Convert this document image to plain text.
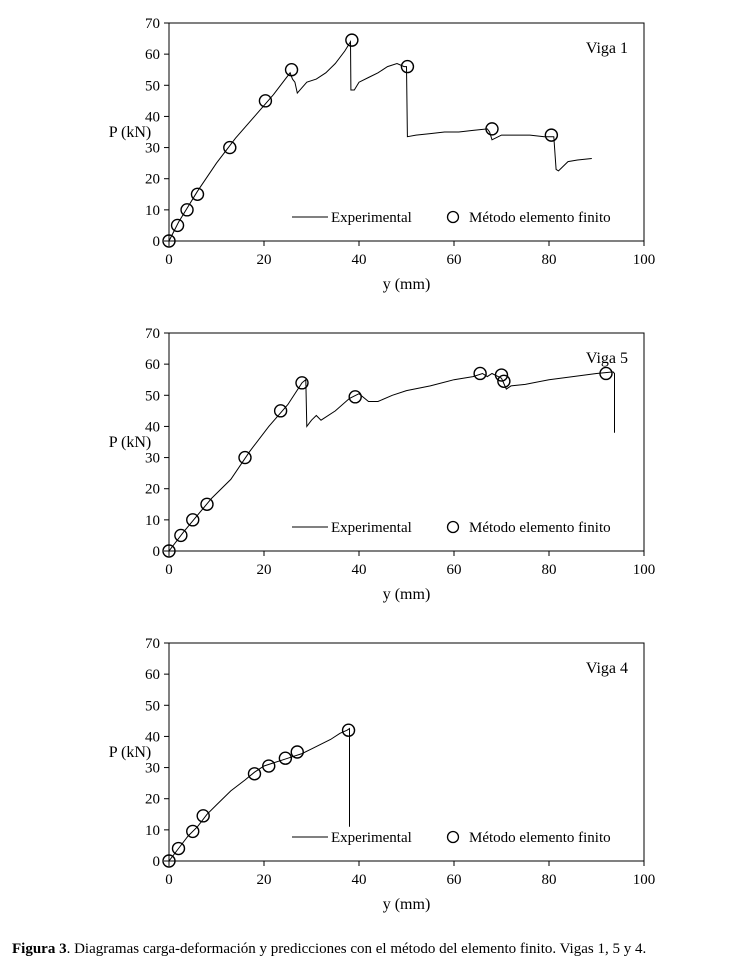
0
10
20
30
40
50
60
70
0	20	40	60	80	100
P (kN)
y (mm)
Viga 1
Experimental	Método elemento finito
0
10
20
30
40
50
60
70
0	20	40	60	80	100
P (kN)
y (mm)
Viga 5
Experimental	Método elemento finito
0
10
20
30
40
50
60
70
0	20	40	60	80	100
P (kN)
y (mm)
Viga 4
Experimental	Método elemento finito
Figura 3. Diagramas carga-deformación y predicciones con el método del elemento finito. Vigas 1, 5 y 4.
